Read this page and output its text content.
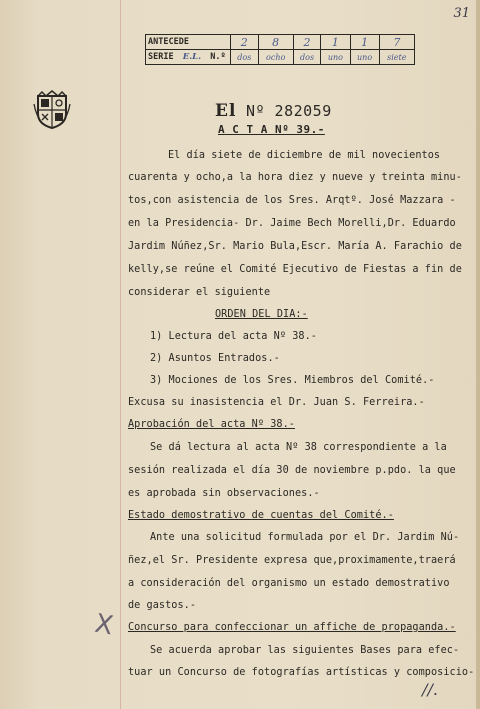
31
ANTECEDE	2	8	2	1	1	7
SERIE E.L. N.º	dos	ocho	dos	uno	uno	siete
El Nº 282059
A C T A Nº 39.-
El día siete de diciembre de mil novecientos
cuarenta y ocho,a la hora diez y nueve y treinta minu-
tos,con asistencia de los Sres. Arqtº. José Mazzara -
en la Presidencia- Dr. Jaime Bech Morelli,Dr. Eduardo
Jardim Núñez,Sr. Mario Bula,Escr. María A. Farachio de
kelly,se reúne el Comité Ejecutivo de Fiestas a fin de
considerar el siguiente
ORDEN DEL DIA:-
1) Lectura del acta Nº 38.-
2) Asuntos Entrados.-
3) Mociones de los Sres. Miembros del Comité.-
Excusa su inasistencia el Dr. Juan S. Ferreira.-
Aprobación del acta Nº 38.-
Se dá lectura al acta Nº 38 correspondiente a la
sesión realizada el día 30 de noviembre p.pdo. la que
es aprobada sin observaciones.-
Estado demostrativo de cuentas del Comité.-
Ante una solicitud formulada por el Dr. Jardim Nú-
ñez,el Sr. Presidente expresa que,proximamente,traerá
a consideración del organismo un estado demostrativo
de gastos.-
Concurso para confeccionar un affiche de propaganda.-
Se acuerda aprobar las siguientes Bases para efec-
tuar un Concurso de fotografías artísticas y composicio-
X
//.
